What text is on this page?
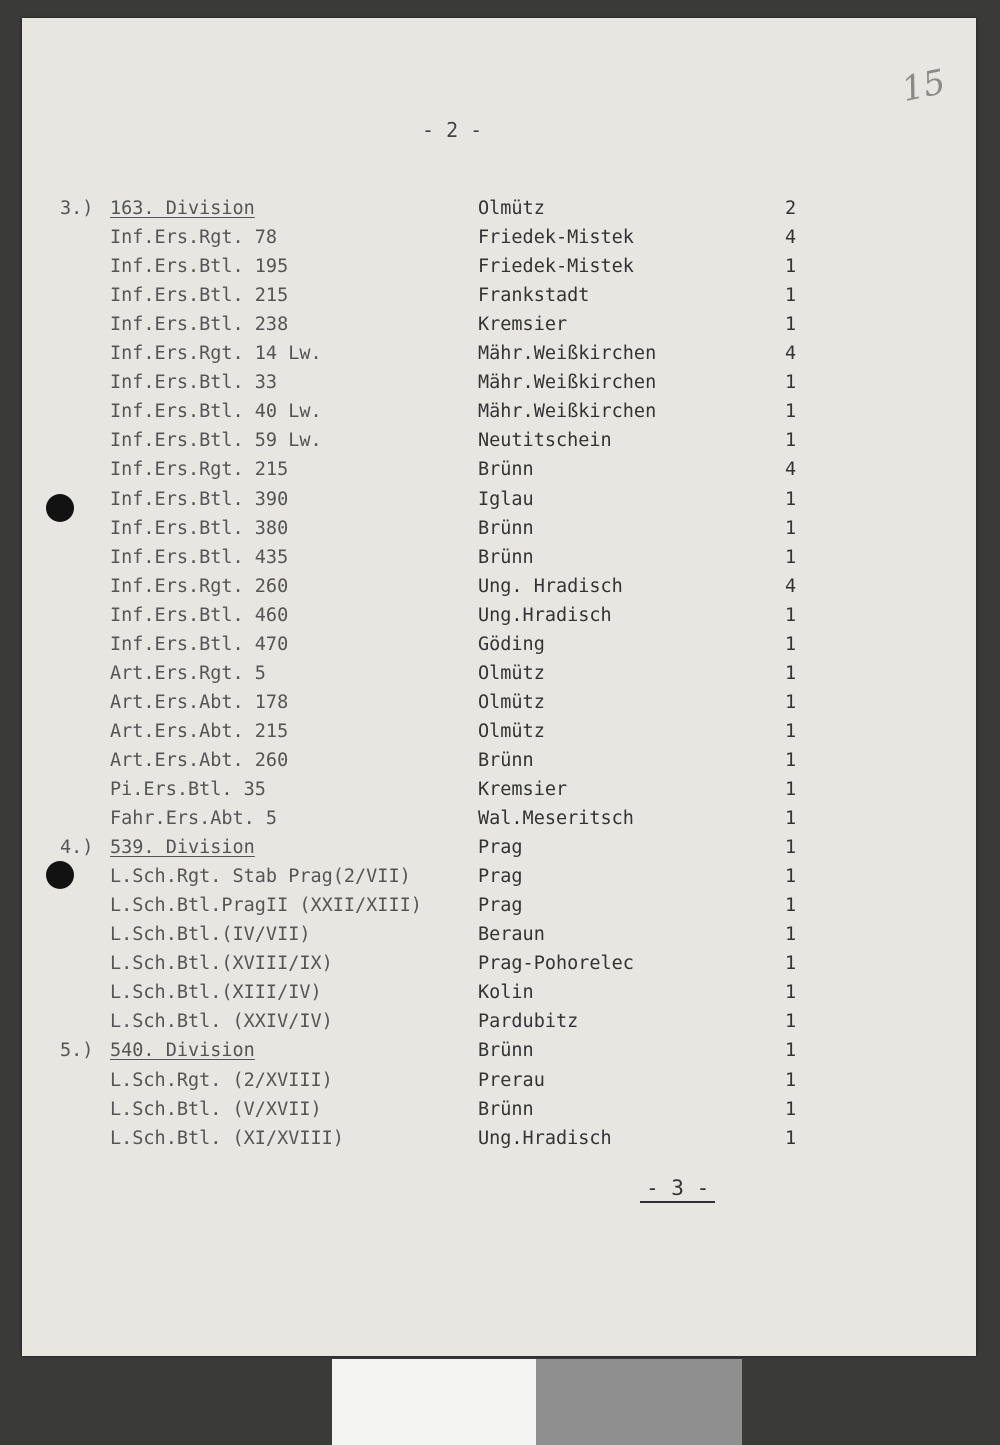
15
- 2 -
3.) 163. Division	Olmütz	2
Inf.Ers.Rgt. 78	Friedek-Mistek	4
Inf.Ers.Btl. 195	Friedek-Mistek	1
Inf.Ers.Btl. 215	Frankstadt	1
Inf.Ers.Btl. 238	Kremsier	1
Inf.Ers.Rgt. 14 Lw.	Mähr.Weißkirchen	4
Inf.Ers.Btl. 33	Mähr.Weißkirchen	1
Inf.Ers.Btl. 40 Lw.	Mähr.Weißkirchen	1
Inf.Ers.Btl. 59 Lw.	Neutitschein	1
Inf.Ers.Rgt. 215	Brünn	4
Inf.Ers.Btl. 390	Iglau	1
Inf.Ers.Btl. 380	Brünn	1
Inf.Ers.Btl. 435	Brünn	1
Inf.Ers.Rgt. 260	Ung. Hradisch	4
Inf.Ers.Btl. 460	Ung.Hradisch	1
Inf.Ers.Btl. 470	Göding	1
Art.Ers.Rgt. 5	Olmütz	1
Art.Ers.Abt. 178	Olmütz	1
Art.Ers.Abt. 215	Olmütz	1
Art.Ers.Abt. 260	Brünn	1
Pi.Ers.Btl. 35	Kremsier	1
Fahr.Ers.Abt. 5	Wal.Meseritsch	1
4.) 539. Division	Prag	1
L.Sch.Rgt. Stab Prag(2/VII)	Prag	1
L.Sch.Btl.PragII (XXII/XIII)	Prag	1
L.Sch.Btl.(IV/VII)	Beraun	1
L.Sch.Btl.(XVIII/IX)	Prag-Pohorelec	1
L.Sch.Btl.(XIII/IV)	Kolin	1
L.Sch.Btl. (XXIV/IV)	Pardubitz	1
5.) 540. Division	Brünn	1
L.Sch.Rgt. (2/XVIII)	Prerau	1
L.Sch.Btl. (V/XVII)	Brünn	1
L.Sch.Btl. (XI/XVIII)	Ung.Hradisch	1
- 3 -
